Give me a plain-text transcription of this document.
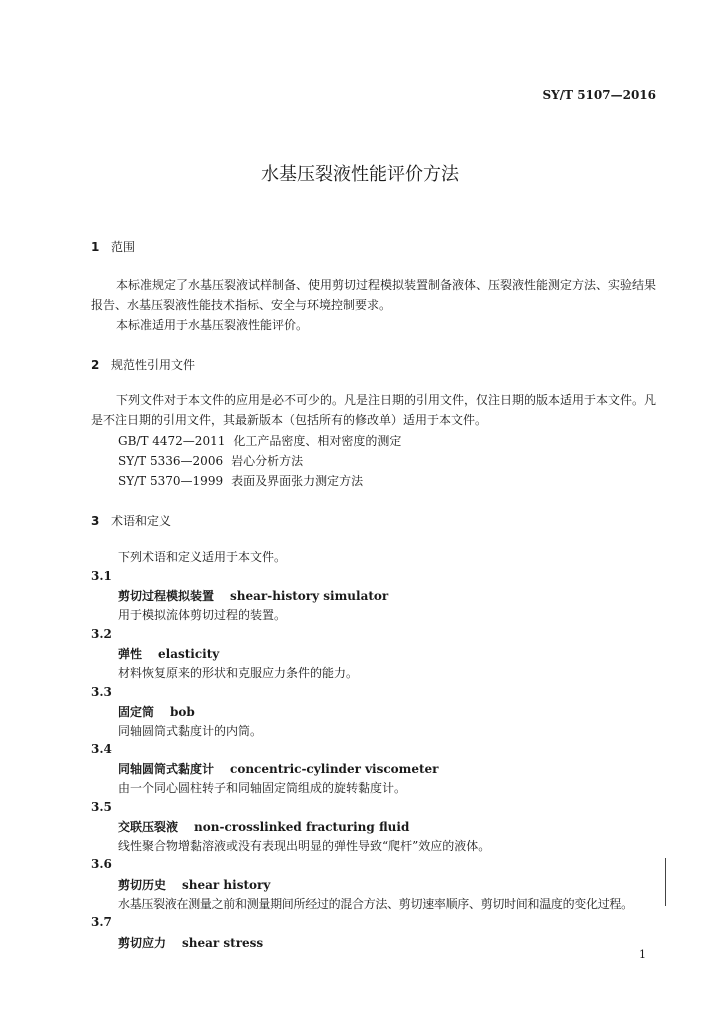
SY/T 5107—2016
水基压裂液性能评价方法
1 范围
本标准规定了水基压裂液试样制备、使用剪切过程模拟装置制备液体、压裂液性能测定方法、实验结果报告、水基压裂液性能技术指标、安全与环境控制要求。
本标准适用于水基压裂液性能评价。
2 规范性引用文件
下列文件对于本文件的应用是必不可少的。凡是注日期的引用文件，仅注日期的版本适用于本文件。凡是不注日期的引用文件，其最新版本（包括所有的修改单）适用于本文件。
GB/T 4472—2011 化工产品密度、相对密度的测定
SY/T 5336—2006 岩心分析方法
SY/T 5370—1999 表面及界面张力测定方法
3 术语和定义
下列术语和定义适用于本文件。
3.1
剪切过程模拟装置 shear-history simulator
用于模拟流体剪切过程的装置。
3.2
弹性 elasticity
材料恢复原来的形状和克服应力条件的能力。
3.3
固定筒 bob
同轴圆筒式黏度计的内筒。
3.4
同轴圆筒式黏度计 concentric-cylinder viscometer
由一个同心圆柱转子和同轴固定筒组成的旋转黏度计。
3.5
交联压裂液 non-crosslinked fracturing fluid
线性聚合物增黏溶液或没有表现出明显的弹性导致“爬杆”效应的液体。
3.6
剪切历史 shear history
水基压裂液在测量之前和测量期间所经过的混合方法、剪切速率顺序、剪切时间和温度的变化过程。
3.7
剪切应力 shear stress
1
